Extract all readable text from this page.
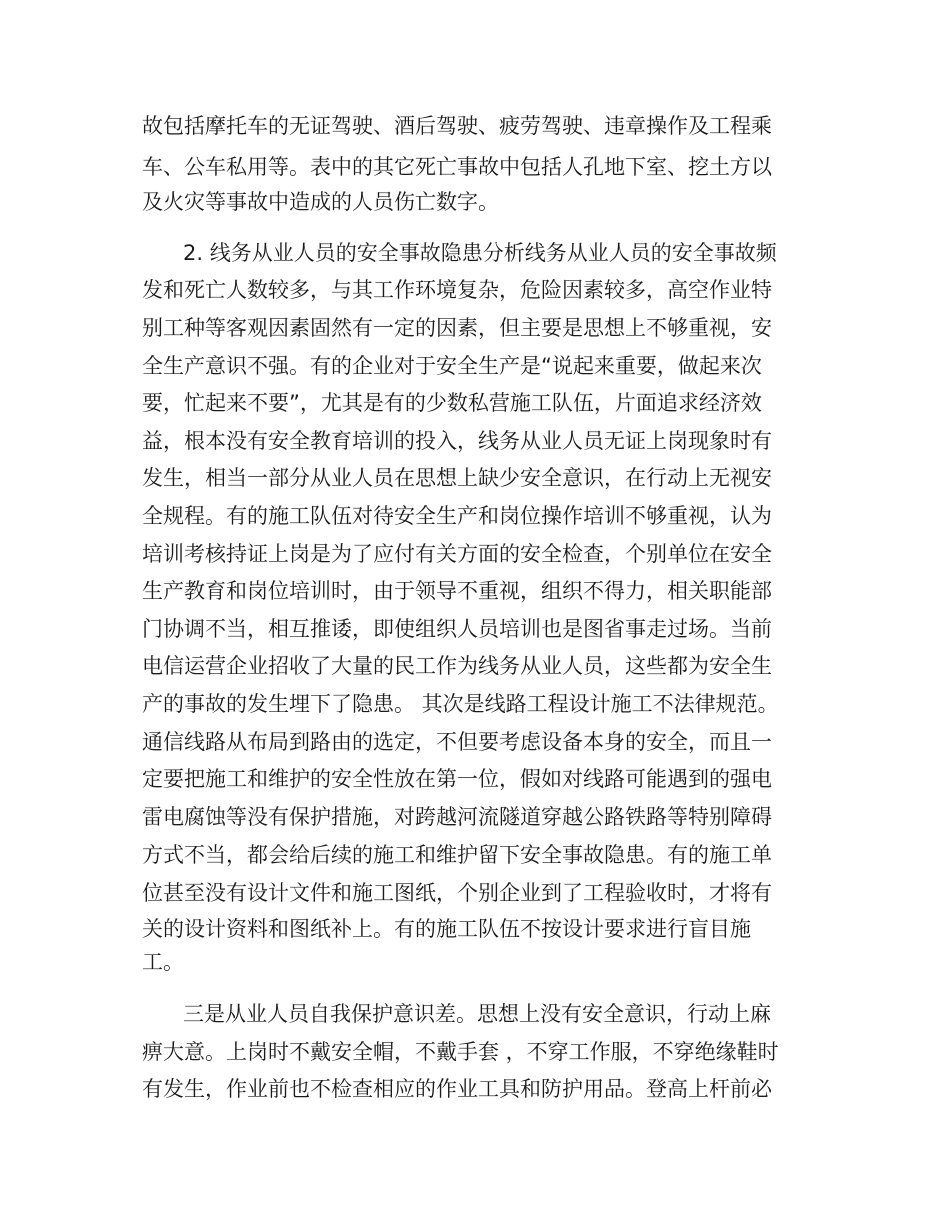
故包括摩托车的无证驾驶、酒后驾驶、疲劳驾驶、违章操作及工程乘

车、公车私用等。表中的其它死亡事故中包括人孔地下室、挖土方以

及火灾等事故中造成的人员伤亡数字。

2. 线务从业人员的安全事故隐患分析线务从业人员的安全事故频

发和死亡人数较多，与其工作环境复杂，危险因素较多，高空作业特

别工种等客观因素固然有一定的因素，但主要是思想上不够重视，安

全生产意识不强。有的企业对于安全生产是“说起来重要，做起来次

要，忙起来不要”，尤其是有的少数私营施工队伍，片面追求经济效

益，根本没有安全教育培训的投入，线务从业人员无证上岗现象时有

发生，相当一部分从业人员在思想上缺少安全意识，在行动上无视安

全规程。有的施工队伍对待安全生产和岗位操作培训不够重视，认为

培训考核持证上岗是为了应付有关方面的安全检查，个别单位在安全

生产教育和岗位培训时，由于领导不重视，组织不得力，相关职能部

门协调不当，相互推诿，即使组织人员培训也是图省事走过场。当前

电信运营企业招收了大量的民工作为线务从业人员，这些都为安全生

产的事故的发生埋下了隐患。 其次是线路工程设计施工不法律规范。

通信线路从布局到路由的选定，不但要考虑设备本身的安全，而且一

定要把施工和维护的安全性放在第一位，假如对线路可能遇到的强电

雷电腐蚀等没有保护措施，对跨越河流隧道穿越公路铁路等特别障碍

方式不当，都会给后续的施工和维护留下安全事故隐患。有的施工单

位甚至没有设计文件和施工图纸，个别企业到了工程验收时，才将有

关的设计资料和图纸补上。有的施工队伍不按设计要求进行盲目施

工。

三是从业人员自我保护意识差。思想上没有安全意识，行动上麻

痹大意。上岗时不戴安全帽，不戴手套 ，不穿工作服，不穿绝缘鞋时

有发生，作业前也不检查相应的作业工具和防护用品。登高上杆前必
